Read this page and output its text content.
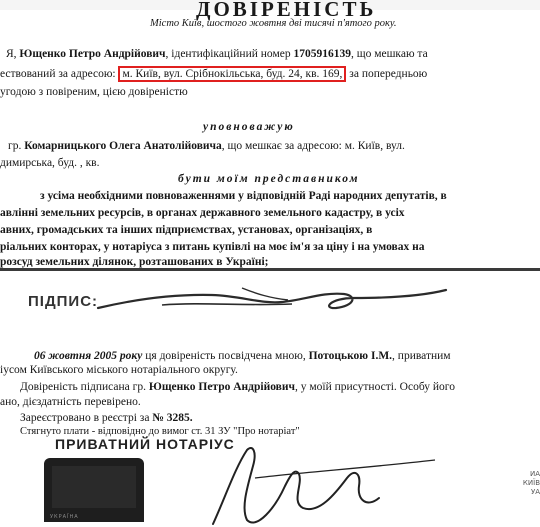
ДОВІРЕНІСТЬ
Місто Київ, шостого жовтня дві тисячі п'ятого року.
Я, Ющенко Петро Андрійович, ідентифікаційний номер 1705916139, що мешкаю та
ествований за адресою: м. Київ, вул. Срібнокільська, буд. 24, кв. 169, за попередньою
угодою з повіреним, цією довіреністю
уповноважую
гр. Комарницького Олега Анатолійовича, що мешкає за адресою: м. Київ, вул.
димирська, буд. , кв.
бути моїм представником
з усіма необхідними повноваженнями у відповідній Раді народних депутатів, в
авлінні земельних ресурсів, в органах державного земельного кадастру, в усіх
авних, громадських та інших підприємствах, установах, організаціях, в
ріальних конторах, у нотаріуса з питань купівлі на моє ім'я за ціну і на умовах на
розсуд земельних ділянок, розташованих в Україні;
ПІДПИС:
06 жовтня 2005 року ця довіреність посвідчена мною, Потоцькою І.М., приватним
іусом Київського міського нотаріального округу.
Довіреність підписана гр. Ющенко Петро Андрійович, у моїй присутності. Особу його
ано, дієздатність перевірено.
Зареєстровано в реєстрі за № 3285.
Стягнуто плати - відповідно до вимог ст. 31 ЗУ "Про нотаріат"
ПРИВАТНИЙ НОТАРІУС
УКРАЇНА
ИА
КИЇВ
УА
